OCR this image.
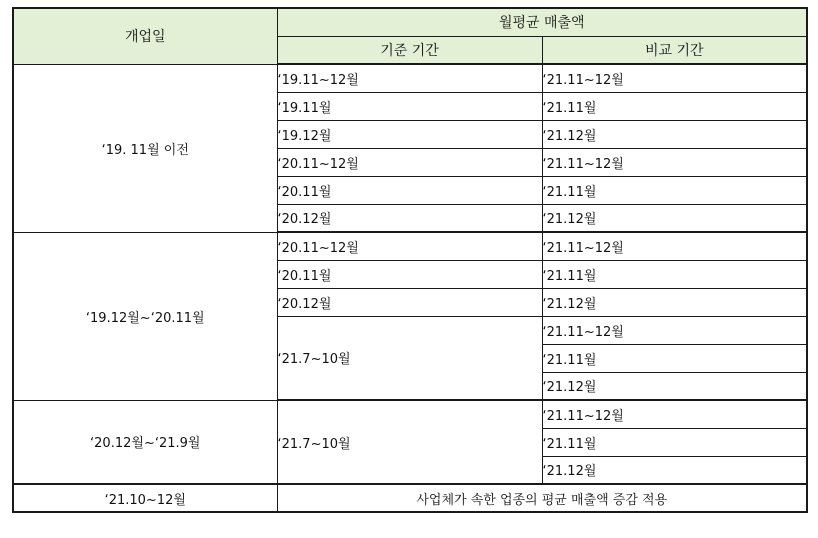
개업일	월평균 매출액	
	기준 기간	비교 기간
‘19. 11월 이전	‘19.11~12월	‘21.11~12월
	‘19.11월	‘21.11월
	‘19.12월	‘21.12월
	‘20.11~12월	‘21.11~12월
	‘20.11월	‘21.11월
	‘20.12월	‘21.12월
‘19.12월~‘20.11월	‘20.11~12월	‘21.11~12월
	‘20.11월	‘21.11월
	‘20.12월	‘21.12월
	‘21.7~10월	‘21.11~12월
		‘21.11월
		‘21.12월
‘20.12월~‘21.9월	‘21.7~10월	‘21.11~12월
		‘21.11월
		‘21.12월
‘21.10~12월	사업체가 속한 업종의 평균 매출액 증감 적용	
